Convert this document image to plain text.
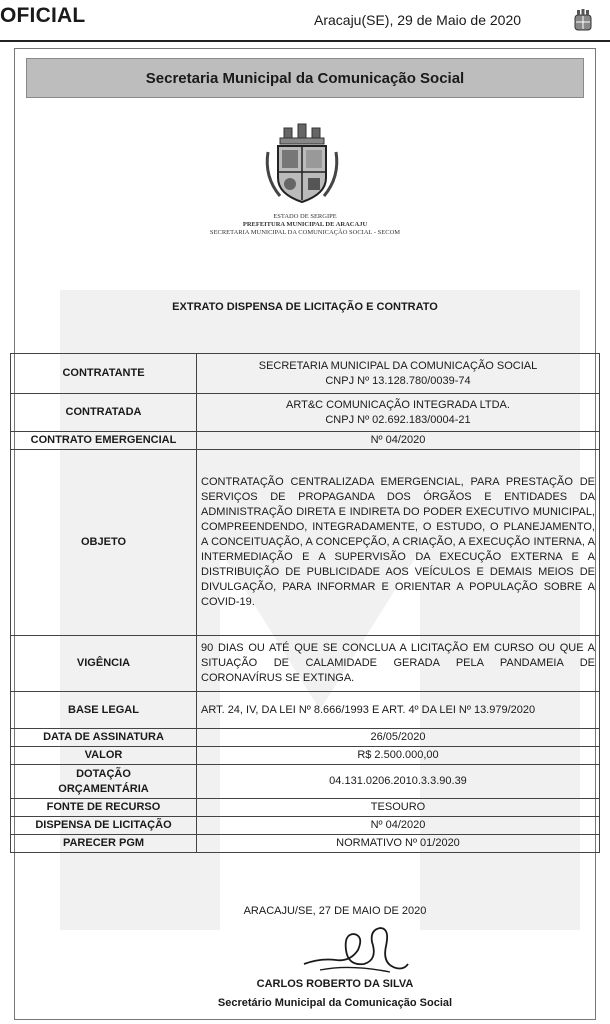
OFICIAL	Aracaju(SE), 29 de Maio de 2020
Secretaria Municipal da Comunicação Social
ESTADO DE SERGIPE
PREFEITURA MUNICIPAL DE ARACAJU
SECRETARIA MUNICIPAL DA COMUNICAÇÃO SOCIAL - SECOM
EXTRATO DISPENSA DE LICITAÇÃO E CONTRATO
CONTRATANTE	SECRETARIA MUNICIPAL DA COMUNICAÇÃO SOCIAL
CNPJ Nº 13.128.780/0039-74

CONTRATADA	ART&C COMUNICAÇÃO INTEGRADA LTDA.
CNPJ Nº 02.692.183/0004-21

CONTRATO EMERGENCIAL	Nº 04/2020
OBJETO	CONTRATAÇÃO CENTRALIZADA EMERGENCIAL, PARA PRESTAÇÃO DE SERVIÇOS DE PROPAGANDA DOS ÓRGÃOS E ENTIDADES DA ADMINISTRAÇÃO DIRETA E INDIRETA DO PODER EXECUTIVO MUNICIPAL, COMPREENDENDO, INTEGRADAMENTE, O ESTUDO, O PLANEJAMENTO, A CONCEITUAÇÃO, A CONCEPÇÃO, A CRIAÇÃO, A EXECUÇÃO INTERNA, A INTERMEDIAÇÃO E A SUPERVISÃO DA EXECUÇÃO EXTERNA E A DISTRIBUIÇÃO DE PUBLICIDADE AOS VEÍCULOS E DEMAIS MEIOS DE DIVULGAÇÃO, PARA INFORMAR E ORIENTAR A POPULAÇÃO SOBRE A COVID-19.
VIGÊNCIA	90 DIAS OU ATÉ QUE SE CONCLUA A LICITAÇÃO EM CURSO OU QUE A SITUAÇÃO DE CALAMIDADE GERADA PELA PANDAMEIA DE CORONAVÍRUS SE EXTINGA.
BASE LEGAL	ART. 24, IV, DA LEI Nº 8.666/1993 E ART. 4º DA LEI Nº 13.979/2020
DATA DE ASSINATURA	26/05/2020
VALOR	R$ 2.500.000,00

DOTAÇÃO
ORÇAMENTÁRIA	04.131.0206.2010.3.3.90.39
FONTE DE RECURSO	TESOURO
DISPENSA DE LICITAÇÃO	Nº 04/2020
PARECER PGM	NORMATIVO Nº 01/2020
ARACAJU/SE, 27 DE MAIO DE 2020
CARLOS ROBERTO DA SILVA
Secretário Municipal da Comunicação Social
